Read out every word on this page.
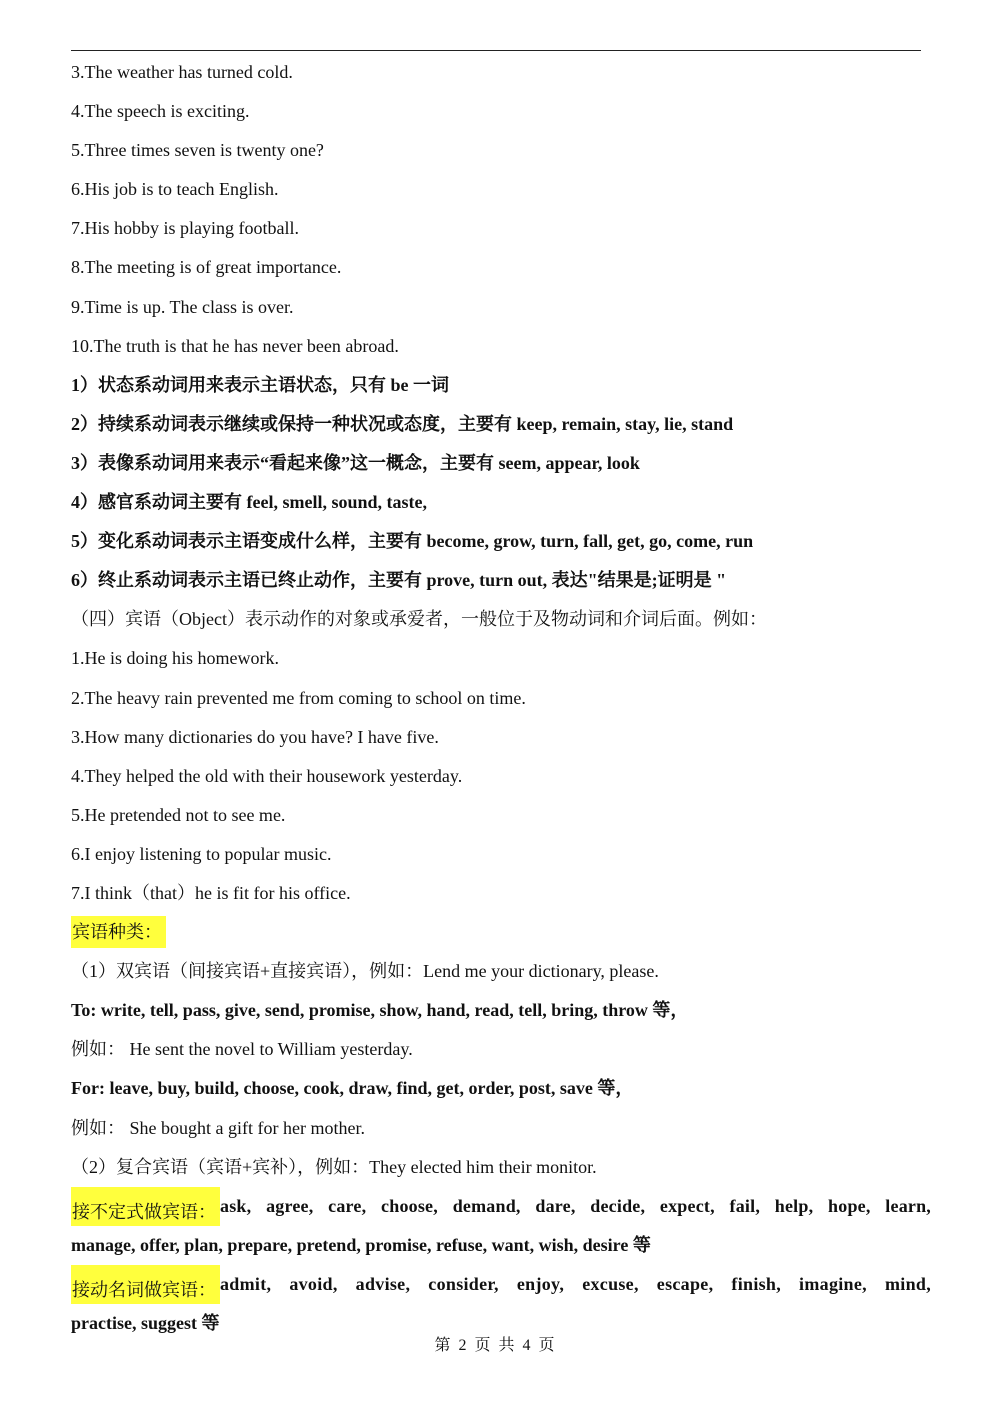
3.The weather has turned cold.
4.The speech is exciting.
5.Three times seven is twenty one?
6.His job is to teach English.
7.His hobby is playing football.
8.The meeting is of great importance.
9.Time is up. The class is over.
10.The truth is that he has never been abroad.
1）状态系动词用来表示主语状态，只有 be 一词
2）持续系动词表示继续或保持一种状况或态度，主要有 keep, remain, stay, lie, stand
3）表像系动词用来表示“看起来像”这一概念，主要有 seem, appear, look
4）感官系动词主要有 feel, smell, sound, taste,
5）变化系动词表示主语变成什么样，主要有 become, grow, turn, fall, get, go, come, run
6）终止系动词表示主语已终止动作，主要有 prove, turn out, 表达"结果是;证明是 "
（四）宾语（Object）表示动作的对象或承爱者，一般位于及物动词和介词后面。例如：
1.He is doing his homework.
2.The heavy rain prevented me from coming to school on time.
3.How many dictionaries do you have? I have five.
4.They helped the old with their housework yesterday.
5.He pretended not to see me.
6.I enjoy listening to popular music.
7.I think（that）he is fit for his office.
宾语种类：
（1）双宾语（间接宾语+直接宾语），例如：Lend me your dictionary, please.
To: write, tell, pass, give, send, promise, show, hand, read, tell, bring, throw 等，
例如： He sent the novel to William yesterday.
For: leave, buy, build, choose, cook, draw, find, get, order, post, save 等，
例如： She bought a gift for her mother.
（2）复合宾语（宾语+宾补），例如：They elected him their monitor.
接不定式做宾语： ask, agree, care, choose, demand, dare, decide, expect, fail, help, hope, learn,
manage, offer, plan, prepare, pretend, promise, refuse, want, wish, desire 等
接动名词做宾语： admit, avoid, advise, consider, enjoy, excuse, escape, finish, imagine, mind,
practise, suggest 等
第 2 页 共 4 页
